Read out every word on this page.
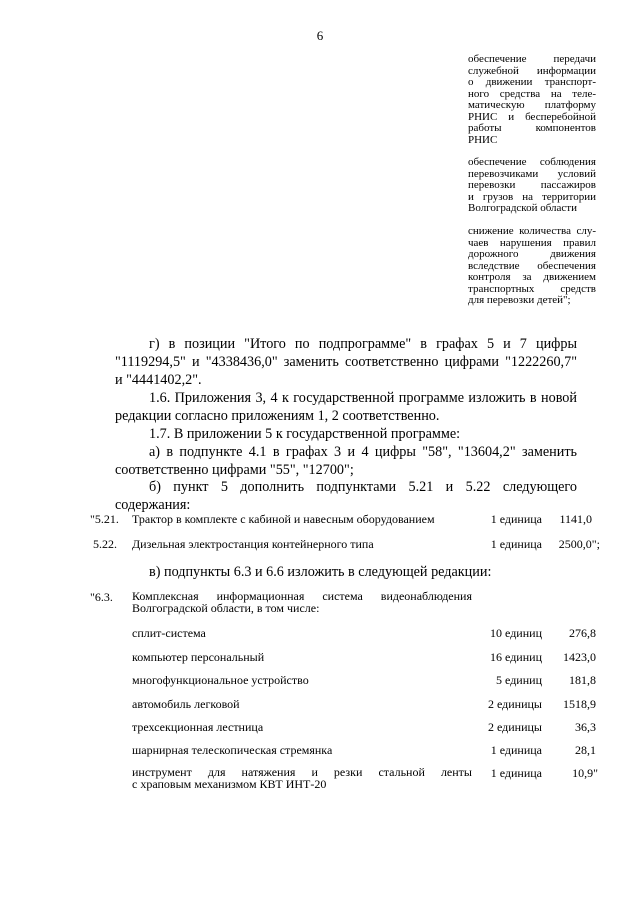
6
обеспечение передачи
служебной информации
о движении транспорт-
ного средства на теле-
матическую платформу
РНИС и бесперебойной
работы компонентов
РНИС
обеспечение соблюдения
перевозчиками условий
перевозки пассажиров
и грузов на территории
Волгоградской области
снижение количества слу-
чаев нарушения правил
дорожного движения
вследствие обеспечения
контроля за движением
транспортных средств
для перевозки детей";
г) в позиции "Итого по подпрограмме" в графах 5 и 7 цифры
"1119294,5" и "4338436,0" заменить соответственно цифрами "1222260,7"
и "4441402,2".
1.6. Приложения 3, 4 к государственной программе изложить в новой
редакции согласно приложениям 1, 2 соответственно.
1.7. В приложении 5 к государственной программе:
а) в подпункте 4.1 в графах 3 и 4 цифры "58", "13604,2" заменить
соответственно цифрами "55", "12700";
б) пункт 5 дополнить подпунктами 5.21 и 5.22 следующего
содержания:
"5.21. Трактор в комплекте с кабиной и навесным оборудованием	1 единица	1141,0
5.22. Дизельная электростанция контейнерного типа	1 единица	2500,0";
в) подпункты 6.3 и 6.6 изложить в следующей редакции:
"6.3. Комплексная информационная система видеонаблюдения
Волгоградской области, в том числе:
сплит-система	10 единиц	276,8
компьютер персональный	16 единиц	1423,0
многофункциональное устройство	5 единиц	181,8
автомобиль легковой	2 единицы	1518,9
трехсекционная лестница	2 единицы	36,3
шарнирная телескопическая стремянка	1 единица	28,1
инструмент для натяжения и резки стальной ленты
с храповым механизмом КВТ ИНТ-20
1 единица	10,9"
